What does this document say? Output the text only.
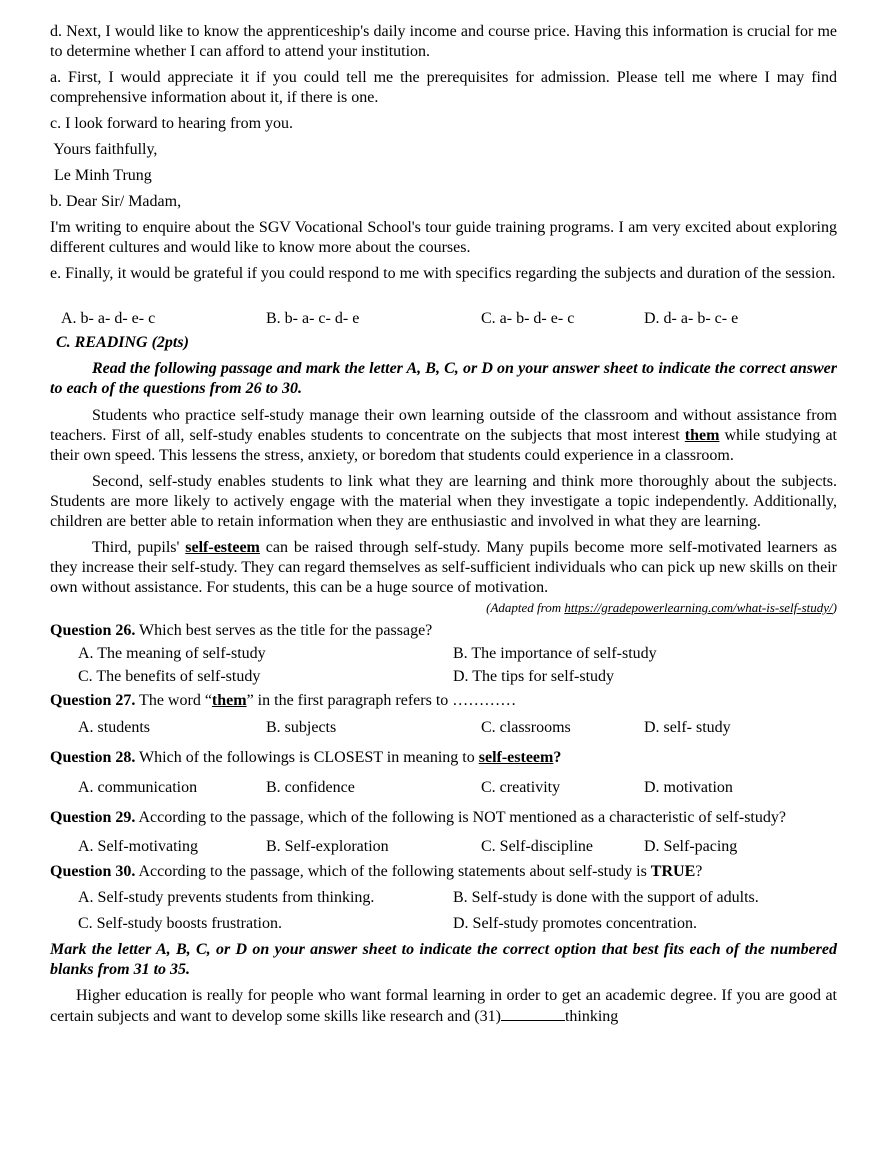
d. Next, I would like to know the apprenticeship's daily income and course price. Having this information is crucial for me to determine whether I can afford to attend your institution.

a. First, I would appreciate it if you could tell me the prerequisites for admission. Please tell me where I may find comprehensive information about it, if there is one.

c. I look forward to hearing from you.

Yours faithfully,

Le Minh Trung

b. Dear Sir/ Madam,

I'm writing to enquire about the SGV Vocational School's tour guide training programs. I am very excited about exploring different cultures and would like to know more about the courses.

e. Finally, it would be grateful if you could respond to me with specifics regarding the subjects and duration of the session.

A. b- a- d- e- c	B. b- a- c- d- e	C. a- b- d- e- c	D. d- a- b- c- e

C. READING (2pts)

Read the following passage and mark the letter A, B, C, or D on your answer sheet to indicate the correct answer to each of the questions from 26 to 30.

Students who practice self-study manage their own learning outside of the classroom and without assistance from teachers. First of all, self-study enables students to concentrate on the subjects that most interest them while studying at their own speed. This lessens the stress, anxiety, or boredom that students could experience in a classroom.

Second, self-study enables students to link what they are learning and think more thoroughly about the subjects. Students are more likely to actively engage with the material when they investigate a topic independently. Additionally, children are better able to retain information when they are enthusiastic and involved in what they are learning.

Third, pupils' self-esteem can be raised through self-study. Many pupils become more self-motivated learners as they increase their self-study. They can regard themselves as self-sufficient individuals who can pick up new skills on their own without assistance. For students, this can be a huge source of motivation.

(Adapted from https://gradepowerlearning.com/what-is-self-study/)

Question 26. Which best serves as the title for the passage?

A. The meaning of self-study	B. The importance of self-study
C. The benefits of self-study	D. The tips for self-study

Question 27. The word “them” in the first paragraph refers to …………

A. students	B. subjects	C. classrooms	D. self- study

Question 28. Which of the followings is CLOSEST in meaning to self-esteem?

A. communication	B. confidence	C. creativity	D. motivation

Question 29. According to the passage, which of the following is NOT mentioned as a characteristic of self-study?

A. Self-motivating	B. Self-exploration	C. Self-discipline	D. Self-pacing

Question 30. According to the passage, which of the following statements about self-study is TRUE?

A. Self-study prevents students from thinking.	B. Self-study is done with the support of adults.
C. Self-study boosts frustration.	D. Self-study promotes concentration.

Mark the letter A, B, C, or D on your answer sheet to indicate the correct option that best fits each of the numbered blanks from 31 to 35.

Higher education is really for people who want formal learning in order to get an academic degree. If you are good at certain subjects and want to develop some skills like research and (31)	thinking
